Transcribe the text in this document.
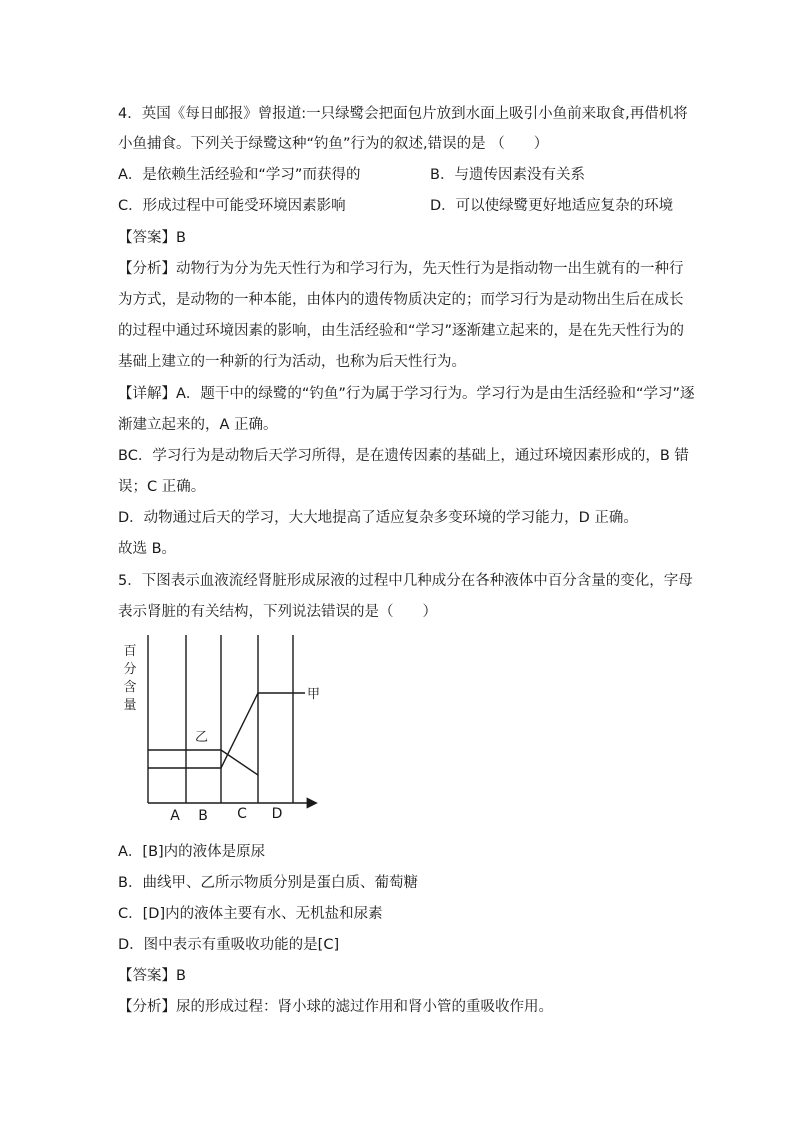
4．英国《每日邮报》曾报道:一只绿鹭会把面包片放到水面上吸引小鱼前来取食,再借机将
小鱼捕食。下列关于绿鹭这种“钓鱼”行为的叙述,错误的是 （　　）
A．是依赖生活经验和“学习”而获得的	B．与遗传因素没有关系
C．形成过程中可能受环境因素影响	D．可以使绿鹭更好地适应复杂的环境
【答案】B
【分析】动物行为分为先天性行为和学习行为，先天性行为是指动物一出生就有的一种行
为方式，是动物的一种本能，由体内的遗传物质决定的；而学习行为是动物出生后在成长
的过程中通过环境因素的影响，由生活经验和“学习”逐渐建立起来的，是在先天性行为的
基础上建立的一种新的行为活动，也称为后天性行为。
【详解】A．题干中的绿鹭的“钓鱼”行为属于学习行为。学习行为是由生活经验和“学习”逐
渐建立起来的，A 正确。
BC．学习行为是动物后天学习所得，是在遗传因素的基础上，通过环境因素形成的，B 错
误；C 正确。
D．动物通过后天的学习，大大地提高了适应复杂多变环境的学习能力，D 正确。
故选 B。
5．下图表示血液流经肾脏形成尿液的过程中几种成分在各种液体中百分含量的变化，字母
表示肾脏的有关结构，下列说法错误的是（　　）
百
分
含
量
甲
乙
A B C D
A．[B]内的液体是原尿
B．曲线甲、乙所示物质分别是蛋白质、葡萄糖
C．[D]内的液体主要有水、无机盐和尿素
D．图中表示有重吸收功能的是[C]
【答案】B
【分析】尿的形成过程：肾小球的滤过作用和肾小管的重吸收作用。
